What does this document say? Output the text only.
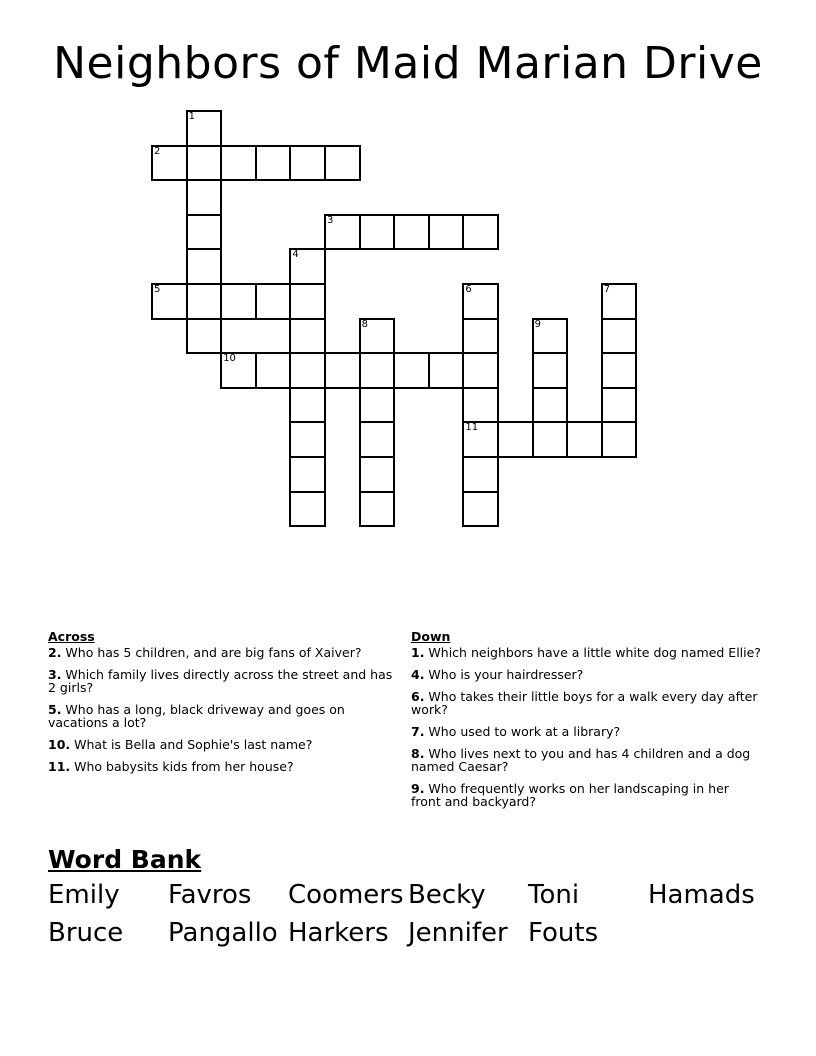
Neighbors of Maid Marian Drive
1
2
3
4
5	6	7
8	9
10
11
Across
2. Who has 5 children, and are big fans of Xaiver?
3. Which family lives directly across the street and has 2 girls?
5. Who has a long, black driveway and goes on vacations a lot?
10. What is Bella and Sophie's last name?
11. Who babysits kids from her house?
Down
1. Which neighbors have a little white dog named Ellie?
4. Who is your hairdresser?
6. Who takes their little boys for a walk every day after work?
7. Who used to work at a library?
8. Who lives next to you and has 4 children and a dog named Caesar?
9. Who frequently works on her landscaping in her front and backyard?
Word Bank
Emily Favros Coomers Becky Toni	Hamads
Bruce Pangallo Harkers Jennifer Fouts
